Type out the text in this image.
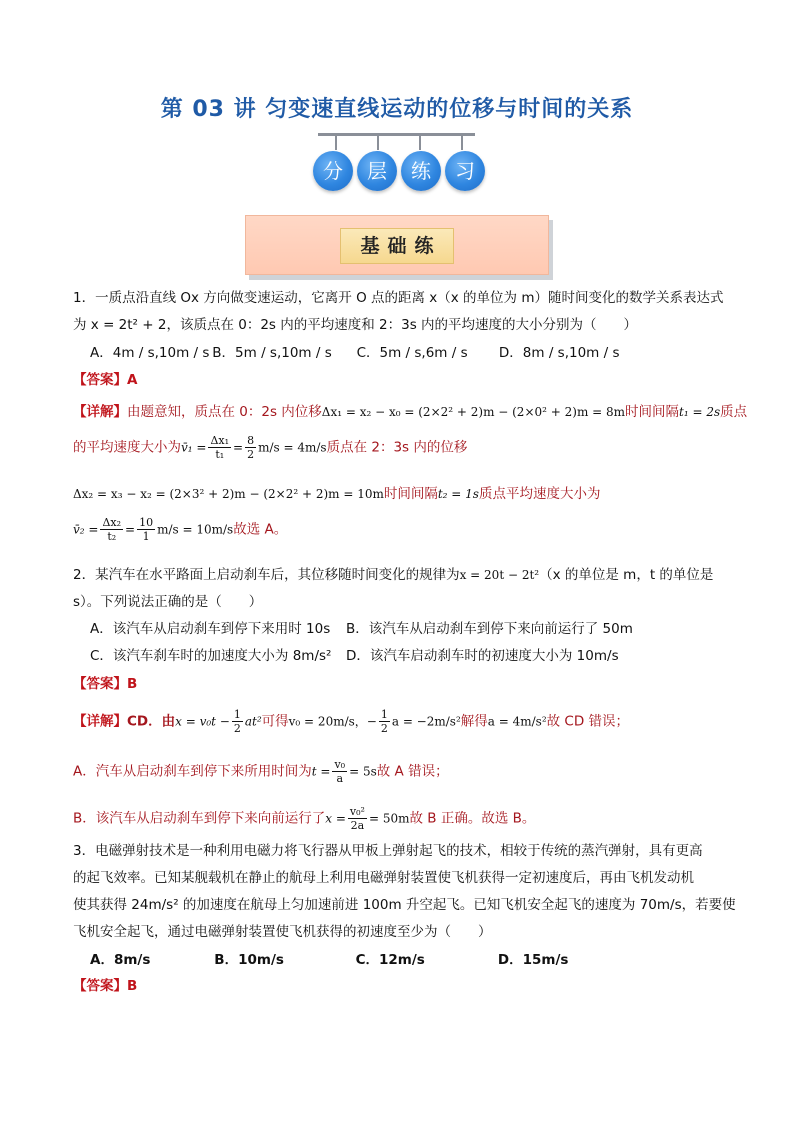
第 03 讲 匀变速直线运动的位移与时间的关系
分	层	练	习
基础练
1．一质点沿直线 Ox 方向做变速运动，它离开 O 点的距离 x（x 的单位为 m）随时间变化的数学关系表达式
为 x = 2t² + 2，该质点在 0：2s 内的平均速度和 2：3s 内的平均速度的大小分别为（　　）
A．4m / s,10m / s B．5m / s,10m / s C．5m / s,6m / s D．8m / s,10m / s
【答案】A
【详解】由题意知，质点在 0：2s 内位移Δx₁ = x₂ − x₀ = (2×2² + 2)m − (2×0² + 2)m = 8m时间间隔t₁ = 2s质点
的平均速度大小为v̄₁ = $\frac{\text{Δx₁}}{\text{t₁}} = \frac{8}{2} m/s = 4m/s$质点在 2：3s 内的位移
Δx₂ = x₃ − x₂ = (2×3² + 2)m − (2×2² + 2)m = 10m时间间隔t₂ = 1s质点平均速度大小为
v̄₂ = $\frac{\text{Δx₂}}{\text{t₂}} = \frac{10}{1} m/s = 10m/s$故选 A。
2．某汽车在水平路面上启动刹车后，其位移随时间变化的规律为x = 20t − 2t²（x 的单位是 m，t 的单位是
s）。下列说法正确的是（　　）
A．该汽车从启动刹车到停下来用时 10s B．该汽车从启动刹车到停下来向前运行了 50m
C．该汽车刹车时的加速度大小为 8m/s² D．该汽车启动刹车时的初速度大小为 10m/s
【答案】B
【详解】CD．由$x = v_0t - \frac{1}{2} at^2$可得v₀ = 20m/s，− $\frac{1}{2}$ a = −2m/s²解得a = 4m/s²故 CD 错误；
A．汽车从启动刹车到停下来所用时间为$t = \frac{\text{v₀}}{a} = 5s$故 A 错误；
B．该汽车从启动刹车到停下来向前运行了$x = \frac{\text{v₀²}}{2a} = 50m$故 B 正确。故选 B。
3．电磁弹射技术是一种利用电磁力将飞行器从甲板上弹射起飞的技术，相较于传统的蒸汽弹射，具有更高
的起飞效率。已知某舰载机在静止的航母上利用电磁弹射装置使飞机获得一定初速度后，再由飞机发动机
使其获得 24m/s² 的加速度在航母上匀加速前进 100m 升空起飞。已知飞机安全起飞的速度为 70m/s，若要使
飞机安全起飞，通过电磁弹射装置使飞机获得的初速度至少为（　　）
A．8m/s	B．10m/s	C．12m/s	D．15m/s
【答案】B
